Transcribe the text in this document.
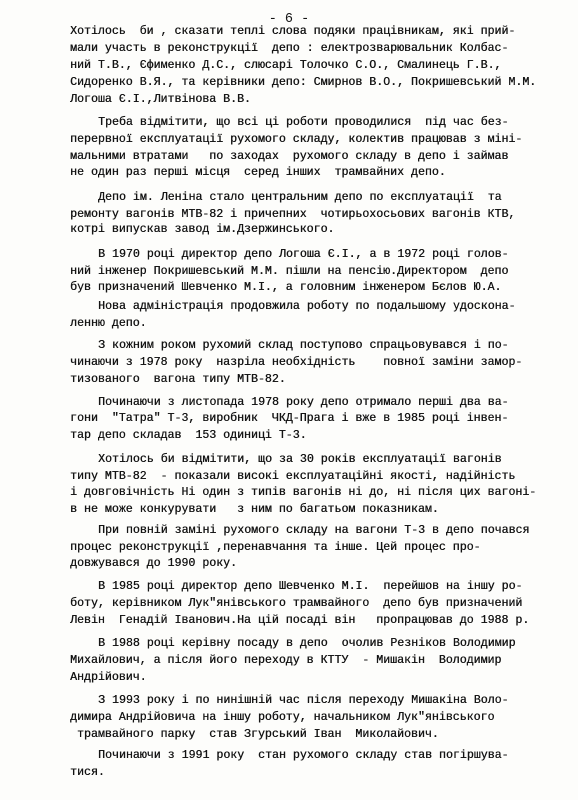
- 6 -
Хотілось  би , сказати теплі слова подяки працівникам, які прий-
мали участь в реконструкції  депо : електрозварювальник Колбас-
ний Т.В., Єфименко Д.С., слюсарі Толочко С.О., Смалинець Г.В.,
Сидоренко В.Я., та керівники депо: Смирнов В.О., Покришевський М.М.
Логоша Є.І.,Литвінова В.В.
Треба відмітити, що всі ці роботи проводилися  під час без-
перервної експлуатації рухомого складу, колектив працював з міні-
мальними втратами   по заходах  рухомого складу в депо і займав
не один раз перші місця  серед інших  трамвайних депо.
Депо ім. Леніна стало центральним депо по експлуатації  та
ремонту вагонів МТВ-82 і причепних  чотирьохосьових вагонів КТВ,
котрі випускав завод ім.Дзержинського.
В 1970 році директор депо Логоша Є.І., а в 1972 році голов-
ний інженер Покришевський М.М. пішли на пенсію.Директором  депо
був призначений Шевченко М.І., а головним інженером Бєлов Ю.А.
Нова адміністрація продовжила роботу по подальшому удоскона-
ленню депо.
З кожним роком рухомий склад поступово спрацьовувався і по-
чинаючи з 1978 року  назріла необхідність    повної заміни замор-
тизованого  вагона типу МТВ-82.
Починаючи з листопада 1978 року депо отримало перші два ва-
гони  "Татра" Т-3, виробник  ЧКД-Прага і вже в 1985 році інвен-
тар депо складав  153 одиниці Т-3.
Хотілось би відмітити, що за 30 років експлуатації вагонів
типу МТВ-82  - показали високі експлуатаційні якості, надійність
і довговічність Ні один з типів вагонів ні до, ні після цих вагоні-
в не може конкурувати   з ним по багатьом показникам.
При повній заміні рухомого складу на вагони Т-3 в депо почався
процес реконструкції ,перенавчання та інше. Цей процес про-
довжувався до 1990 року.
В 1985 році директор депо Шевченко М.І.  перейшов на іншу ро-
боту, керівником Лук"янівського трамвайного  депо був призначений
Левін  Генадій Іванович.На цій посаді він   пропрацював до 1988 р.
В 1988 році керівну посаду в депо  очолив Резніков Володимир
Михайлович, а після його переходу в КТТУ  - Мишакін  Володимир
Андрійович.
З 1993 року і по нинішній час після переходу Мишакіна Воло-
димира Андрійовича на іншу роботу, начальником Лук"янівського
трамвайного парку  став Згурський Іван  Миколайович.
Починаючи з 1991 року  стан рухомого складу став погіршува-
тися.
